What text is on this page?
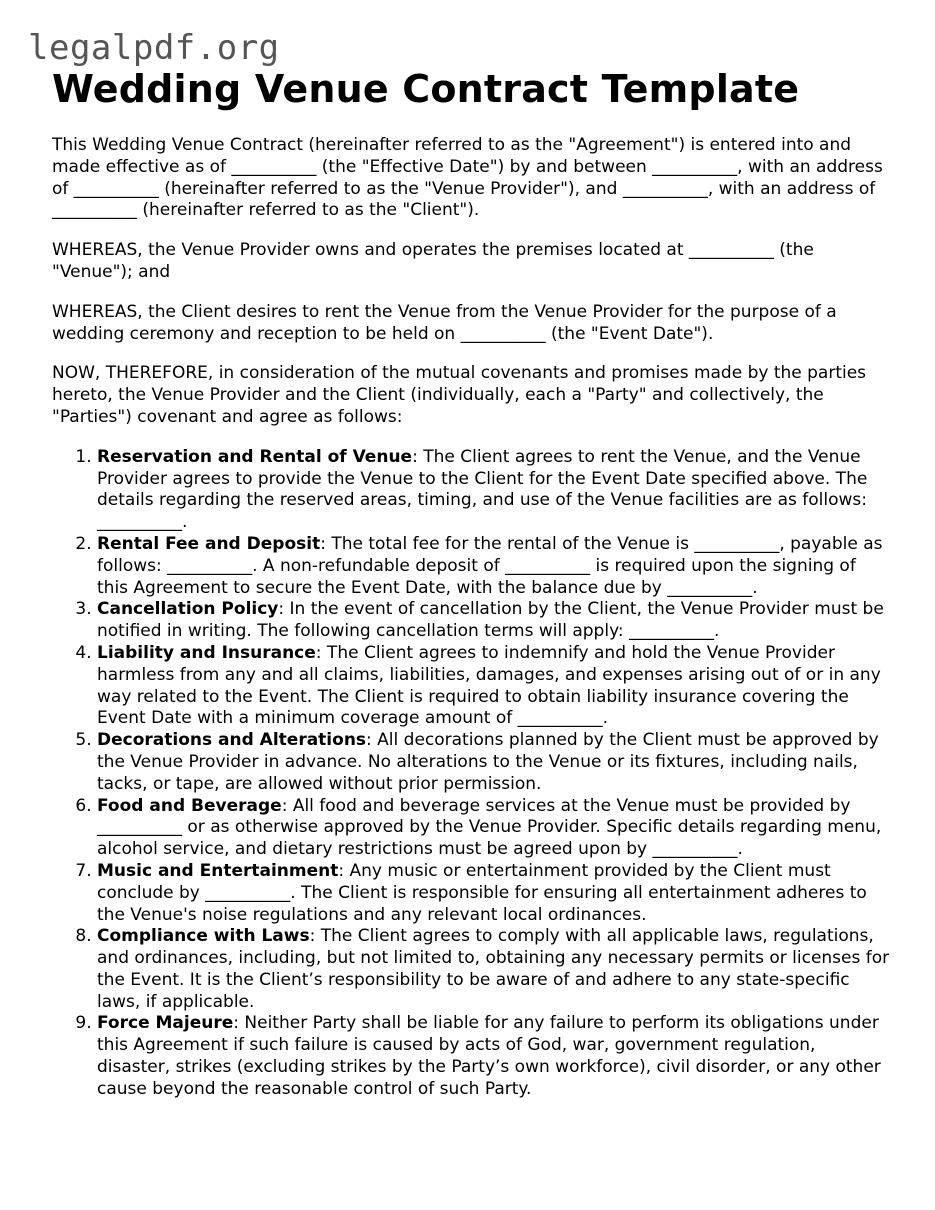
legalpdf.org
Wedding Venue Contract Template

This Wedding Venue Contract (hereinafter referred to as the "Agreement") is entered into and made effective as of __________ (the "Effective Date") by and between __________, with an address of __________ (hereinafter referred to as the "Venue Provider"), and __________, with an address of __________ (hereinafter referred to as the "Client").

WHEREAS, the Venue Provider owns and operates the premises located at __________ (the "Venue"); and

WHEREAS, the Client desires to rent the Venue from the Venue Provider for the purpose of a wedding ceremony and reception to be held on __________ (the "Event Date").

NOW, THEREFORE, in consideration of the mutual covenants and promises made by the parties hereto, the Venue Provider and the Client (individually, each a "Party" and collectively, the "Parties") covenant and agree as follows:

1. Reservation and Rental of Venue: The Client agrees to rent the Venue, and the Venue Provider agrees to provide the Venue to the Client for the Event Date specified above. The details regarding the reserved areas, timing, and use of the Venue facilities are as follows: __________.
2. Rental Fee and Deposit: The total fee for the rental of the Venue is __________, payable as follows: __________. A non-refundable deposit of __________ is required upon the signing of this Agreement to secure the Event Date, with the balance due by __________.
3. Cancellation Policy: In the event of cancellation by the Client, the Venue Provider must be notified in writing. The following cancellation terms will apply: __________.
4. Liability and Insurance: The Client agrees to indemnify and hold the Venue Provider harmless from any and all claims, liabilities, damages, and expenses arising out of or in any way related to the Event. The Client is required to obtain liability insurance covering the Event Date with a minimum coverage amount of __________.
5. Decorations and Alterations: All decorations planned by the Client must be approved by the Venue Provider in advance. No alterations to the Venue or its fixtures, including nails, tacks, or tape, are allowed without prior permission.
6. Food and Beverage: All food and beverage services at the Venue must be provided by __________ or as otherwise approved by the Venue Provider. Specific details regarding menu, alcohol service, and dietary restrictions must be agreed upon by __________.
7. Music and Entertainment: Any music or entertainment provided by the Client must conclude by __________. The Client is responsible for ensuring all entertainment adheres to the Venue's noise regulations and any relevant local ordinances.
8. Compliance with Laws: The Client agrees to comply with all applicable laws, regulations, and ordinances, including, but not limited to, obtaining any necessary permits or licenses for the Event. It is the Client’s responsibility to be aware of and adhere to any state-specific laws, if applicable.
9. Force Majeure: Neither Party shall be liable for any failure to perform its obligations under this Agreement if such failure is caused by acts of God, war, government regulation, disaster, strikes (excluding strikes by the Party’s own workforce), civil disorder, or any other cause beyond the reasonable control of such Party.
